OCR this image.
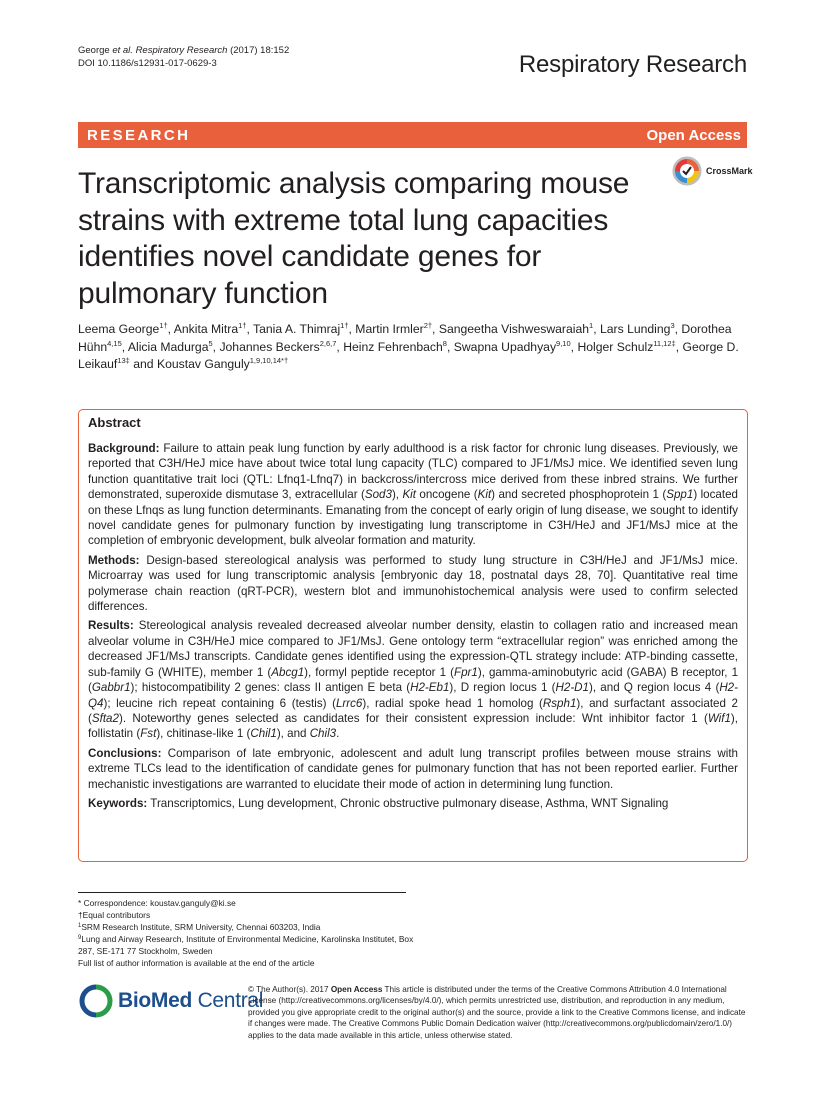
George et al. Respiratory Research (2017) 18:152
DOI 10.1186/s12931-017-0629-3	Respiratory Research
RESEARCH	Open Access
Transcriptomic analysis comparing mouse strains with extreme total lung capacities identifies novel candidate genes for pulmonary function
CrossMark
Leema George$^{1\dagger}$, Ankita Mitra$^{1\dagger}$, Tania A. Thimraj$^{1\dagger}$, Martin Irmler$^{2\dagger}$, Sangeetha Vishweswaraiah$^1$, Lars Lunding$^3$, Dorothea Hühn$^{4,15}$, Alicia Madurga$^5$, Johannes Beckers$^{2,6,7}$, Heinz Fehrenbach$^8$, Swapna Upadhyay$^{9,10}$, Holger Schulz$^{11,12\ddagger}$, George D. Leikauf$^{13\ddagger}$ and Koustav Ganguly$^{1,9,10,14*\dagger}$
Abstract

Background: Failure to attain peak lung function by early adulthood is a risk factor for chronic lung diseases. Previously, we reported that C3H/HeJ mice have about twice total lung capacity (TLC) compared to JF1/MsJ mice. We identified seven lung function quantitative trait loci (QTL: Lfnq1-Lfnq7) in backcross/intercross mice derived from these inbred strains. We further demonstrated, superoxide dismutase 3, extracellular (Sod3), Kit oncogene (Kit) and secreted phosphoprotein 1 (Spp1) located on these Lfnqs as lung function determinants. Emanating from the concept of early origin of lung disease, we sought to identify novel candidate genes for pulmonary function by investigating lung transcriptome in C3H/HeJ and JF1/MsJ mice at the completion of embryonic development, bulk alveolar formation and maturity.

Methods: Design-based stereological analysis was performed to study lung structure in C3H/HeJ and JF1/MsJ mice. Microarray was used for lung transcriptomic analysis [embryonic day 18, postnatal days 28, 70]. Quantitative real time polymerase chain reaction (qRT-PCR), western blot and immunohistochemical analysis were used to confirm selected differences.

Results: Stereological analysis revealed decreased alveolar number density, elastin to collagen ratio and increased mean alveolar volume in C3H/HeJ mice compared to JF1/MsJ. Gene ontology term “extracellular region” was enriched among the decreased JF1/MsJ transcripts. Candidate genes identified using the expression-QTL strategy include: ATP-binding cassette, sub-family G (WHITE), member 1 (Abcg1), formyl peptide receptor 1 (Fpr1), gamma-aminobutyric acid (GABA) B receptor, 1 (Gabbr1); histocompatibility 2 genes: class II antigen E beta (H2-Eb1), D region locus 1 (H2-D1), and Q region locus 4 (H2-Q4); leucine rich repeat containing 6 (testis) (Lrrc6), radial spoke head 1 homolog (Rsph1), and surfactant associated 2 (Sfta2). Noteworthy genes selected as candidates for their consistent expression include: Wnt inhibitor factor 1 (Wif1), follistatin (Fst), chitinase-like 1 (Chil1), and Chil3.

Conclusions: Comparison of late embryonic, adolescent and adult lung transcript profiles between mouse strains with extreme TLCs lead to the identification of candidate genes for pulmonary function that has not been reported earlier. Further mechanistic investigations are warranted to elucidate their mode of action in determining lung function.

Keywords: Transcriptomics, Lung development, Chronic obstructive pulmonary disease, Asthma, WNT Signaling

* Correspondence: koustav.ganguly@ki.se
†Equal contributors
$^1$SRM Research Institute, SRM University, Chennai 603203, India
$^9$Lung and Airway Research, Institute of Environmental Medicine, Karolinska Institutet, Box 287, SE-171 77 Stockholm, Sweden
Full list of author information is available at the end of the article
BioMed Central
© The Author(s). 2017 Open Access This article is distributed under the terms of the Creative Commons Attribution 4.0 International License (http://creativecommons.org/licenses/by/4.0/), which permits unrestricted use, distribution, and reproduction in any medium, provided you give appropriate credit to the original author(s) and the source, provide a link to the Creative Commons license, and indicate if changes were made. The Creative Commons Public Domain Dedication waiver (http://creativecommons.org/publicdomain/zero/1.0/) applies to the data made available in this article, unless otherwise stated.
